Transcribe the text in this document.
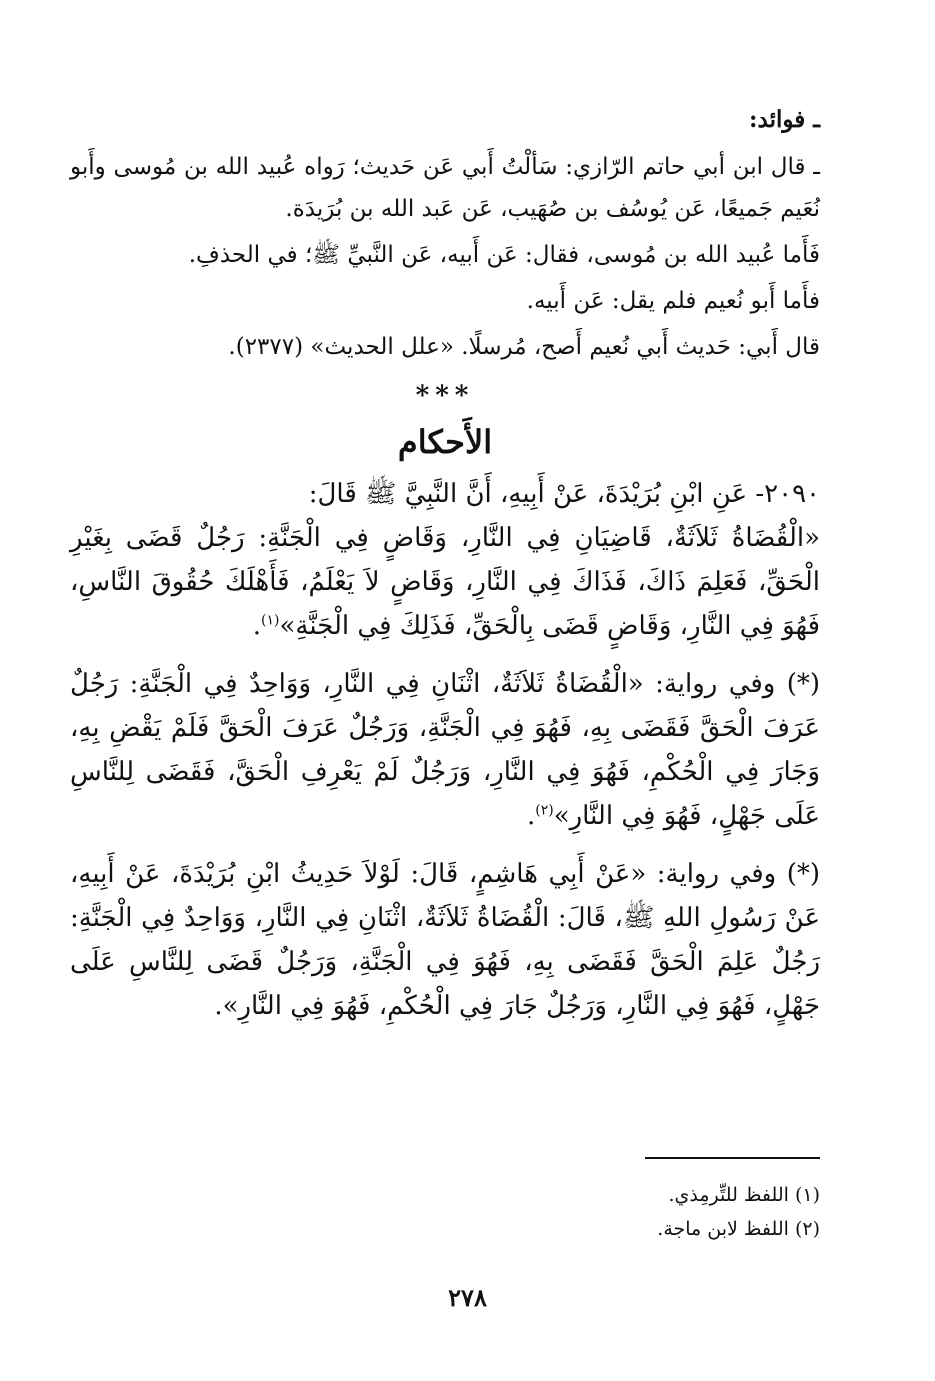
ـ فوائد:

ـ قال ابن أبي حاتم الرّازي: سَألْتُ أَبي عَن حَديث؛ رَواه عُبيد الله بن مُوسى وأَبو نُعَيم جَميعًا، عَن يُوسُف بن صُهَيب، عَن عَبد الله بن بُرَيدَة.

فَأَما عُبيد الله بن مُوسى، فقال: عَن أَبيه، عَن النَّبيِّ ﷺ؛ في الحذفِ.

فأَما أَبو نُعيم فلم يقل: عَن أَبيه.

قال أَبي: حَديث أَبي نُعيم أَصح، مُرسلًا. «علل الحديث» (٢٣٧٧).

***
الأَحكام

٢٠٩٠- عَنِ ابْنِ بُرَيْدَةَ، عَنْ أَبِيهِ، أَنَّ النَّبِيَّ ﷺ قَالَ:

«الْقُضَاةُ ثَلاَثَةٌ، قَاضِيَانِ فِي النَّارِ، وَقَاضٍ فِي الْجَنَّةِ: رَجُلٌ قَضَى بِغَيْرِ الْحَقِّ، فَعَلِمَ ذَاكَ، فَذَاكَ فِي النَّارِ، وَقَاضٍ لاَ يَعْلَمُ، فَأَهْلَكَ حُقُوقَ النَّاسِ، فَهُوَ فِي النَّارِ، وَقَاضٍ قَضَى بِالْحَقِّ، فَذَلِكَ فِي الْجَنَّةِ»$^{(١)}$.

(*) وفي رواية: «الْقُضَاةُ ثَلاَثَةٌ، اثْنَانِ فِي النَّارِ، وَوَاحِدٌ فِي الْجَنَّةِ: رَجُلٌ عَرَفَ الْحَقَّ فَقَضَى بِهِ، فَهُوَ فِي الْجَنَّةِ، وَرَجُلٌ عَرَفَ الْحَقَّ فَلَمْ يَقْضِ بِهِ، وَجَارَ فِي الْحُكْمِ، فَهُوَ فِي النَّارِ، وَرَجُلٌ لَمْ يَعْرِفِ الْحَقَّ، فَقَضَى لِلنَّاسِ عَلَى جَهْلٍ، فَهُوَ فِي النَّارِ»$^{(٢)}$.

(*) وفي رواية: «عَنْ أَبِي هَاشِمٍ، قَالَ: لَوْلاَ حَدِيثُ ابْنِ بُرَيْدَةَ، عَنْ أَبِيهِ، عَنْ رَسُولِ اللهِ ﷺ، قَالَ: الْقُضَاةُ ثَلاَثَةٌ، اثْنَانِ فِي النَّارِ، وَوَاحِدٌ فِي الْجَنَّةِ: رَجُلٌ عَلِمَ الْحَقَّ فَقَضَى بِهِ، فَهُوَ فِي الْجَنَّةِ، وَرَجُلٌ قَضَى لِلنَّاسِ عَلَى جَهْلٍ، فَهُوَ فِي النَّارِ، وَرَجُلٌ جَارَ فِي الْحُكْمِ، فَهُوَ فِي النَّارِ».

(١) اللفظ للتِّرمِذي.
(٢) اللفظ لابن ماجة.
٢٧٨
